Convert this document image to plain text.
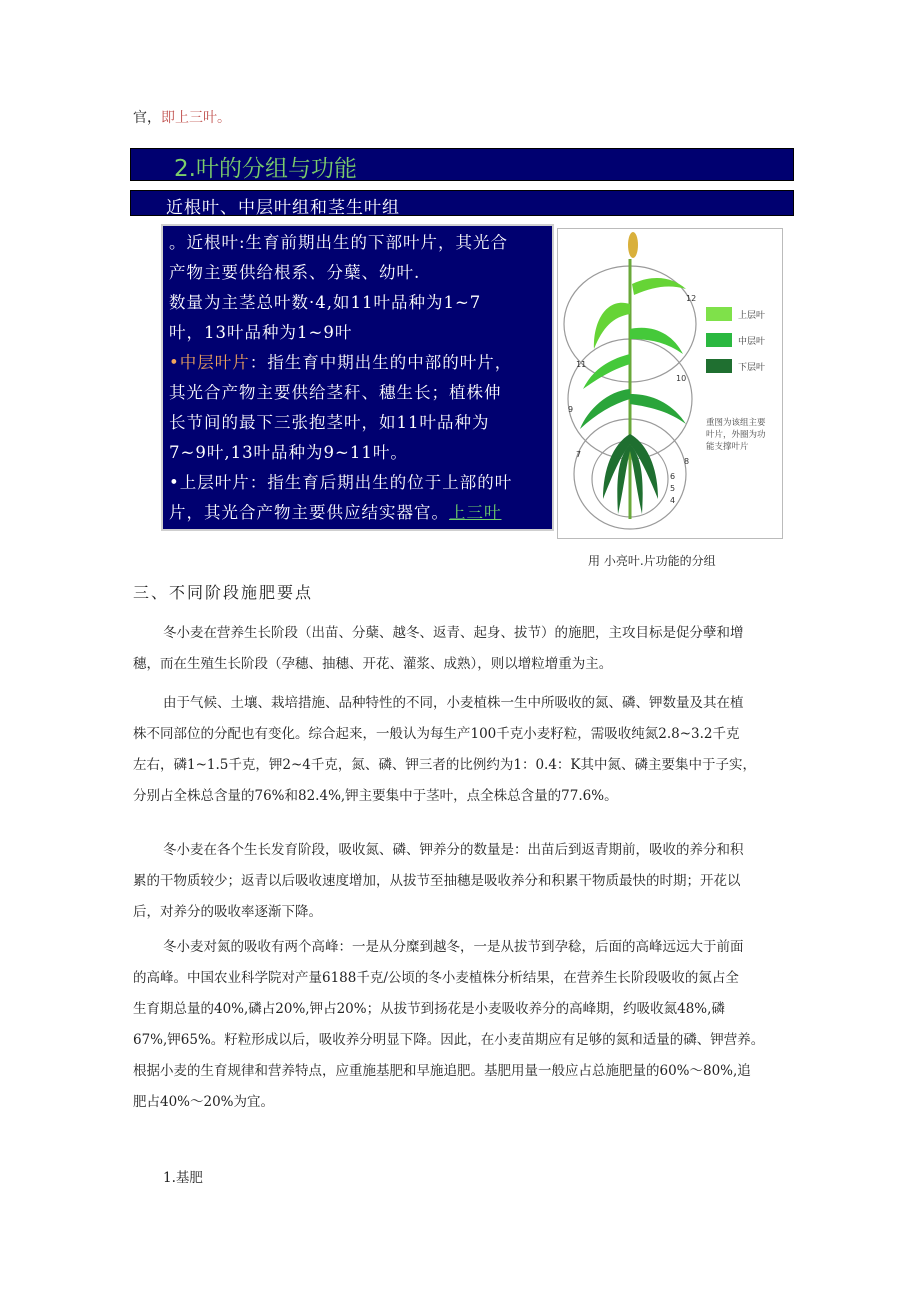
官，即上三叶。
2.叶的分组与功能
近根叶、中层叶组和茎生叶组

。近根叶:生育前期出生的下部叶片，其光合

产物主要供给根系、分蘖、幼叶.

数量为主茎总叶数·4,如11叶品种为1~7

叶，13叶品种为1~9叶

•中层叶片：指生育中期出生的中部的叶片，

其光合产物主要供给茎秆、穗生长；植株伸

长节间的最下三张抱茎叶，如11叶品种为

7~9叶,13叶品种为9~11叶。

•上层叶片：指生育后期出生的位于上部的叶

片，其光合产物主要供应结实器官。上三叶

12
11
10
9
8
7
6
5
4
上层叶
中层叶
下层叶
重图为该组主要
叶片，外圈为功
能支撑叶片
用 小亮叶.片功能的分组
三、不同阶段施肥要点

冬小麦在营养生长阶段（出苗、分蘖、越冬、返青、起身、拔节）的施肥，主攻目标是促分孽和增
穗，而在生殖生长阶段（孕穗、抽穗、开花、灌浆、成熟），则以增粒增重为主。

由于气候、土壤、栽培措施、品种特性的不同，小麦植株一生中所吸收的氮、磷、钾数量及其在植
株不同部位的分配也有变化。综合起来，一般认为每生产100千克小麦籽粒，需吸收纯氮2.8~3.2千克
左右，磷1~1.5千克，钾2~4千克，氮、磷、钾三者的比例约为1：0.4：K其中氮、磷主要集中于子实，
分别占全株总含量的76%和82.4%,钾主要集中于茎叶，点全株总含量的77.6%。

冬小麦在各个生长发育阶段，吸收氮、磷、钾养分的数量是：出苗后到返青期前，吸收的养分和积
累的干物质较少；返青以后吸收速度增加，从拔节至抽穗是吸收养分和积累干物质最快的时期；开花以
后，对养分的吸收率逐渐下降。

冬小麦对氮的吸收有两个高峰：一是从分糜到越冬，一是从拔节到孕稔，后面的高峰远远大于前面
的高峰。中国农业科学院对产量6188千克/公顷的冬小麦植株分析结果，在营养生长阶段吸收的氮占全
生育期总量的40%,磷占20%,钾占20%；从拔节到扬花是小麦吸收养分的高峰期，约吸收氮48%,磷
67%,钾65%。籽粒形成以后，吸收养分明显下降。因此，在小麦苗期应有足够的氮和适量的磷、钾营养。
根据小麦的生育规律和营养特点，应重施基肥和早施追肥。基肥用量一般应占总施肥量的60%～80%,追
肥占40%～20%为宜。

1.基肥
